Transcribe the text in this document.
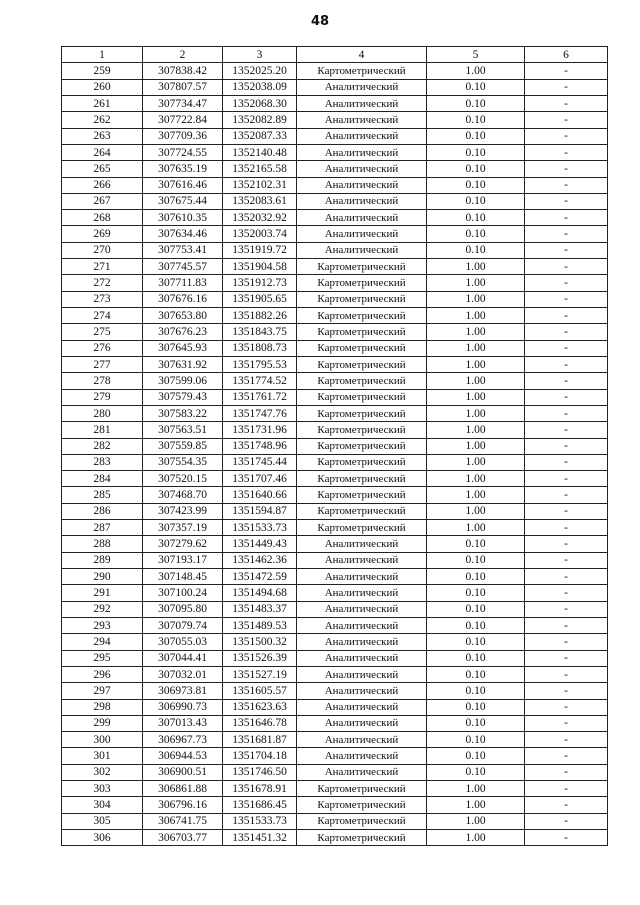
48
1	2	3	4	5	6
259	307838.42	1352025.20	Картометрический	1.00	-
260	307807.57	1352038.09	Аналитический	0.10	-
261	307734.47	1352068.30	Аналитический	0.10	-
262	307722.84	1352082.89	Аналитический	0.10	-
263	307709.36	1352087.33	Аналитический	0.10	-
264	307724.55	1352140.48	Аналитический	0.10	-
265	307635.19	1352165.58	Аналитический	0.10	-
266	307616.46	1352102.31	Аналитический	0.10	-
267	307675.44	1352083.61	Аналитический	0.10	-
268	307610.35	1352032.92	Аналитический	0.10	-
269	307634.46	1352003.74	Аналитический	0.10	-
270	307753.41	1351919.72	Аналитический	0.10	-
271	307745.57	1351904.58	Картометрический	1.00	-
272	307711.83	1351912.73	Картометрический	1.00	-
273	307676.16	1351905.65	Картометрический	1.00	-
274	307653.80	1351882.26	Картометрический	1.00	-
275	307676.23	1351843.75	Картометрический	1.00	-
276	307645.93	1351808.73	Картометрический	1.00	-
277	307631.92	1351795.53	Картометрический	1.00	-
278	307599.06	1351774.52	Картометрический	1.00	-
279	307579.43	1351761.72	Картометрический	1.00	-
280	307583.22	1351747.76	Картометрический	1.00	-
281	307563.51	1351731.96	Картометрический	1.00	-
282	307559.85	1351748.96	Картометрический	1.00	-
283	307554.35	1351745.44	Картометрический	1.00	-
284	307520.15	1351707.46	Картометрический	1.00	-
285	307468.70	1351640.66	Картометрический	1.00	-
286	307423.99	1351594.87	Картометрический	1.00	-
287	307357.19	1351533.73	Картометрический	1.00	-
288	307279.62	1351449.43	Аналитический	0.10	-
289	307193.17	1351462.36	Аналитический	0.10	-
290	307148.45	1351472.59	Аналитический	0.10	-
291	307100.24	1351494.68	Аналитический	0.10	-
292	307095.80	1351483.37	Аналитический	0.10	-
293	307079.74	1351489.53	Аналитический	0.10	-
294	307055.03	1351500.32	Аналитический	0.10	-
295	307044.41	1351526.39	Аналитический	0.10	-
296	307032.01	1351527.19	Аналитический	0.10	-
297	306973.81	1351605.57	Аналитический	0.10	-
298	306990.73	1351623.63	Аналитический	0.10	-
299	307013.43	1351646.78	Аналитический	0.10	-
300	306967.73	1351681.87	Аналитический	0.10	-
301	306944.53	1351704.18	Аналитический	0.10	-
302	306900.51	1351746.50	Аналитический	0.10	-
303	306861.88	1351678.91	Картометрический	1.00	-
304	306796.16	1351686.45	Картометрический	1.00	-
305	306741.75	1351533.73	Картометрический	1.00	-
306	306703.77	1351451.32	Картометрический	1.00	-
